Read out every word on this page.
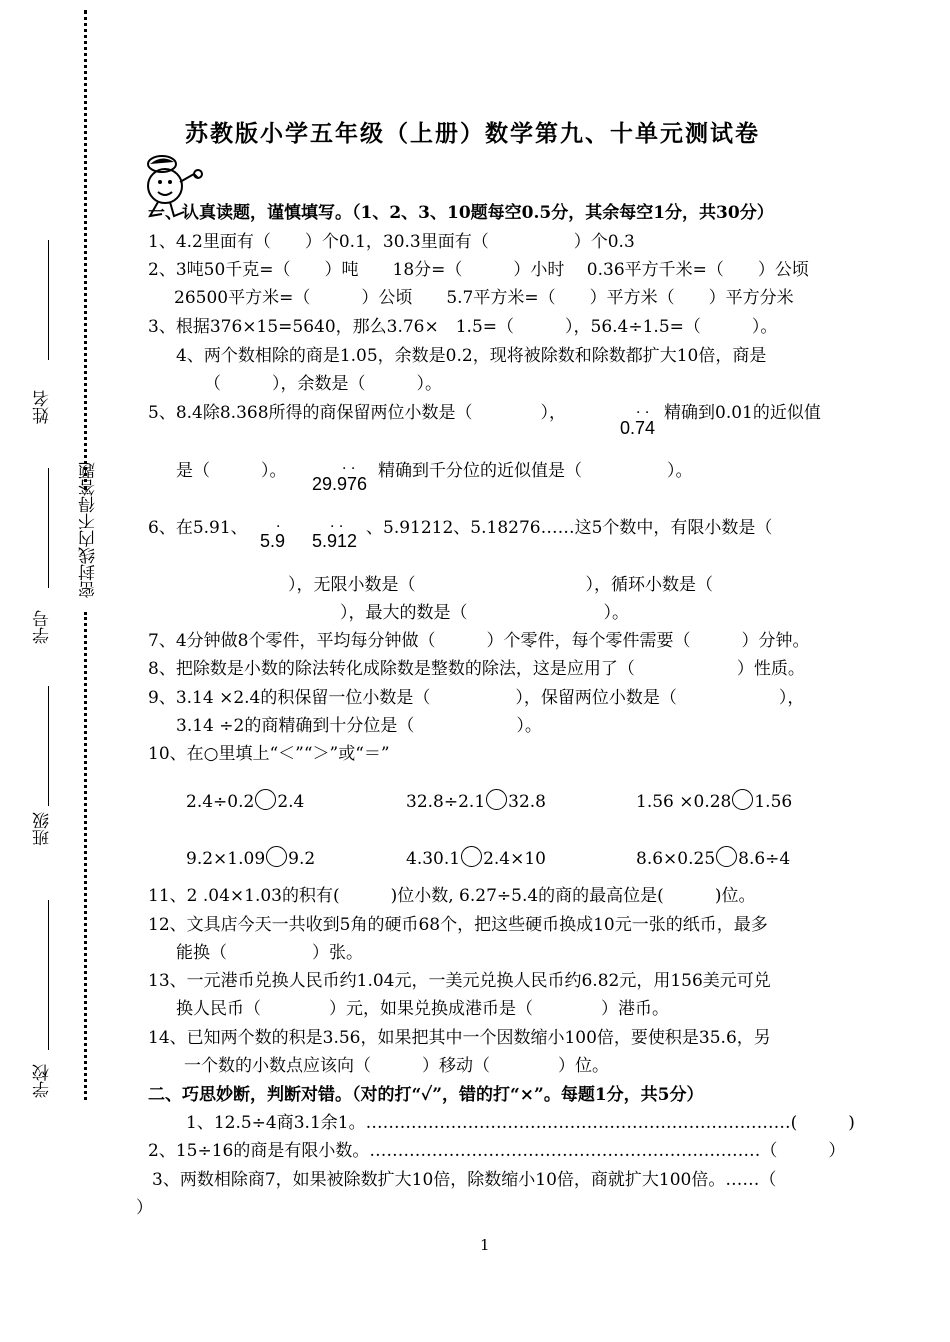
密封线内不得答题
姓名
学号
班级
学校
苏教版小学五年级（上册）数学第九、十单元测试卷
一、认真读题，谨慎填写。（1、2、3、10题每空0.5分，其余每空1分，共30分）
1、4.2里面有（　　）个0.1，30.3里面有（　　　　　）个0.3
2、3吨50千克=（　　）吨　　18分=（　　　）小时　 0.36平方千米=（　　）公顷
26500平方米=（　　　）公顷　　5.7平方米=（　　）平方米（　　）平方分米
3、根据376×15=5640，那么3.76×　1.5=（　　　），56.4÷1.5=（　　　）。
4、两个数相除的商是1.05，余数是0.2，现将被除数和除数都扩大10倍，商是
（　　　），余数是（　　　）。
5、8.4除8.368所得的商保留两位小数是（　　　　），	· ·
0.74
精确到0.01的近似值
是（　　　）。	· ·
29.976
精确到千分位的近似值是（　　　　　）。
6、在5.91、 ·
5.9
· ·
5.912
、5.91212、5.18276……这5个数中，有限小数是（
），无限小数是（　　　　　　　　　　），循环小数是（
），最大的数是（　　　　　　　　）。
7、4分钟做8个零件，平均每分钟做（　　　）个零件，每个零件需要（　　　）分钟。
8、把除数是小数的除法转化成除数是整数的除法，这是应用了（　　　　　　）性质。
9、3.14 ×2.4的积保留一位小数是（　　　　　），保留两位小数是（　　　　　　），
3.14 ÷2的商精确到十分位是（　　　　　　）。
10、在○里填上“＜”“＞”或“＝”
2.4÷0.2 2.4	32.8÷2.1 32.8	1.56 ×0.28 1.56
9.2×1.09 9.2	4.30.1 2.4×10	8.6×0.25 8.6÷4
11、2 .04×1.03的积有(　　　)位小数, 6.27÷5.4的商的最高位是(　　　)位。
12、文具店今天一共收到5角的硬币68个，把这些硬币换成10元一张的纸币，最多
能换（　　　　　）张。
13、一元港币兑换人民币约1.04元，一美元兑换人民币约6.82元，用156美元可兑
换人民币（　　　　）元，如果兑换成港币是（　　　　）港币。
14、已知两个数的积是3.56，如果把其中一个因数缩小100倍，要使积是35.6，另
一个数的小数点应该向（　　　）移动（　　　　）位。
二、巧思妙断，判断对错。（对的打“✓”，错的打“×”。每题1分，共5分）
1、12.5÷4商3.1余1。…………………………………………………………………(　　　)
2、15÷16的商是有限小数。……………………………………………………………（　　　）
3、两数相除商7，如果被除数扩大10倍，除数缩小10倍，商就扩大100倍。……（
）
1
